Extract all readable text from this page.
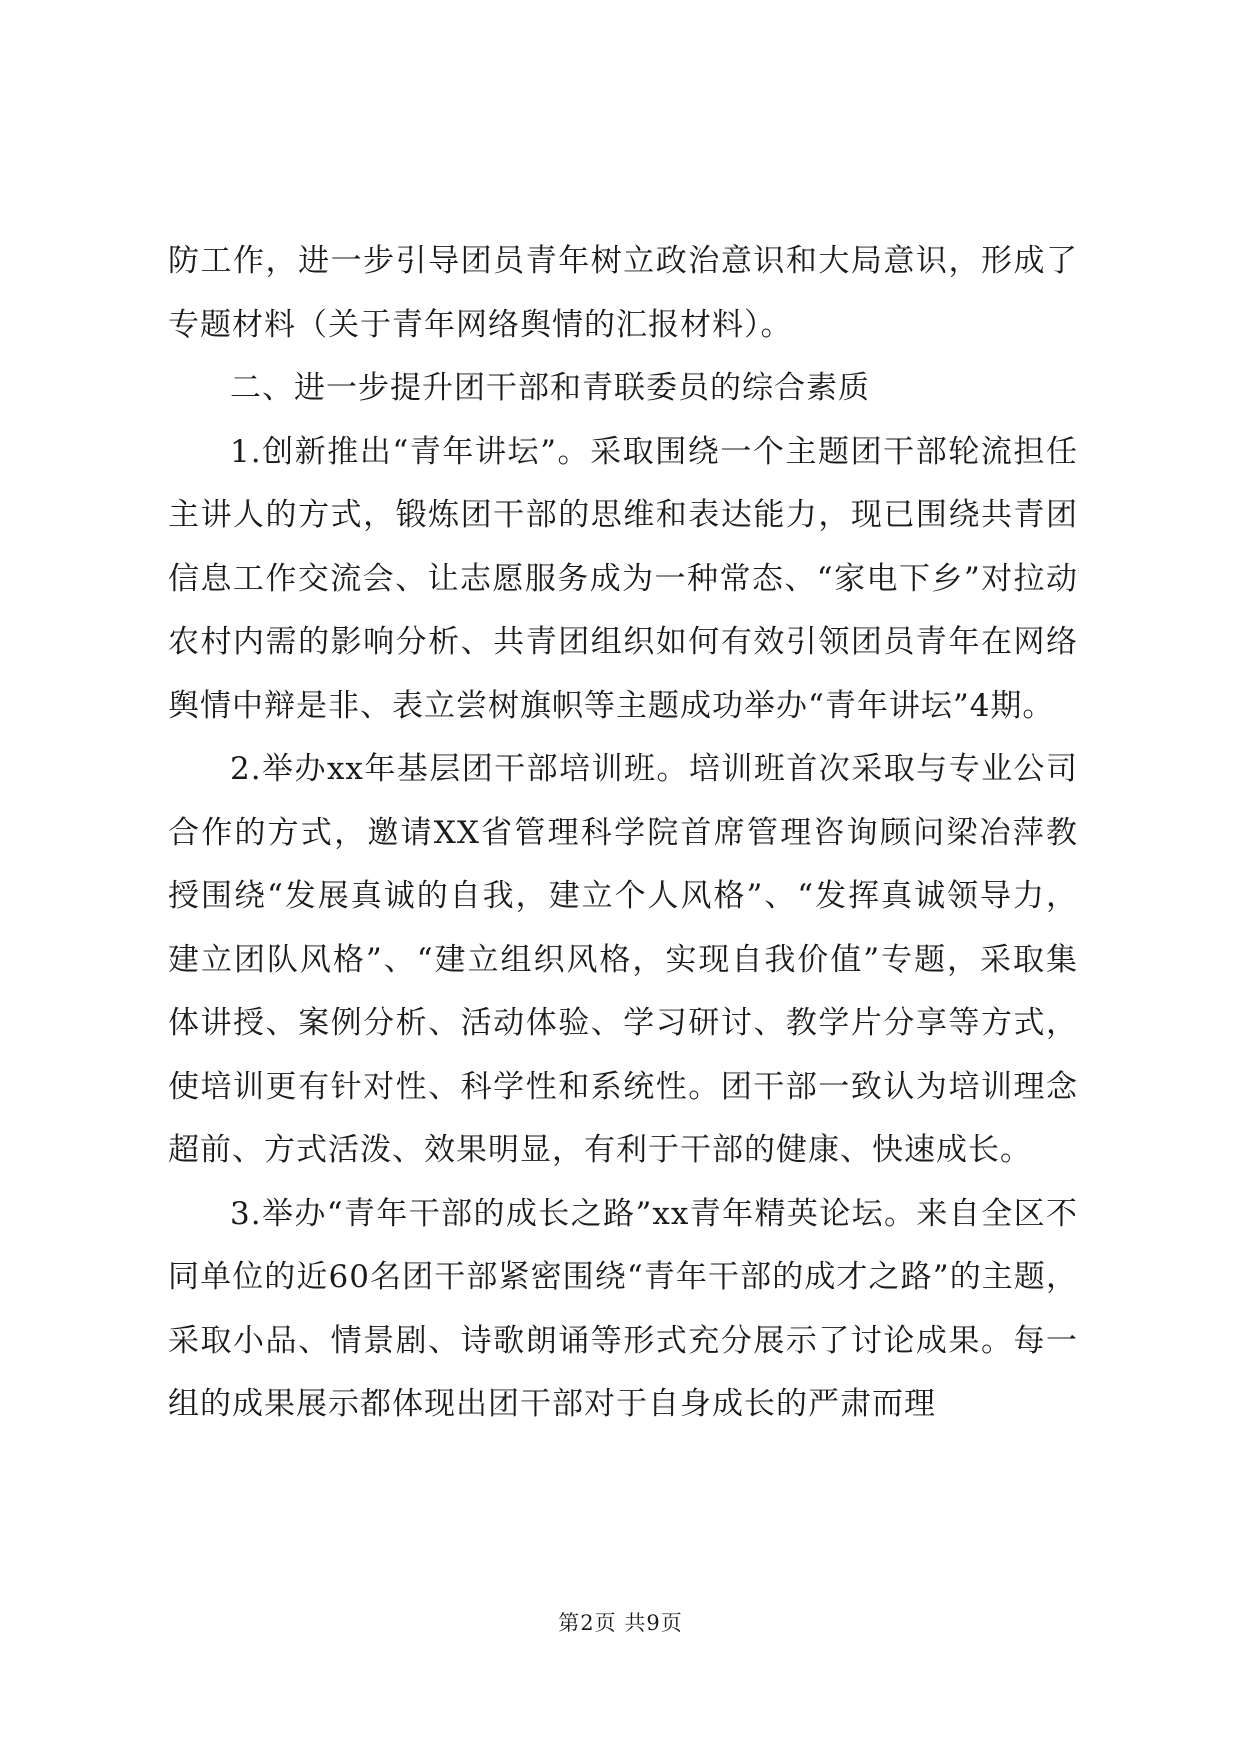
防工作，进一步引导团员青年树立政治意识和大局意识，形成了专题材料（关于青年网络舆情的汇报材料）。

二、进一步提升团干部和青联委员的综合素质

1.创新推出“青年讲坛”。采取围绕一个主题团干部轮流担任主讲人的方式，锻炼团干部的思维和表达能力，现已围绕共青团信息工作交流会、让志愿服务成为一种常态、“家电下乡”对拉动农村内需的影响分析、共青团组织如何有效引领团员青年在网络舆情中辩是非、表立尝树旗帜等主题成功举办“青年讲坛”4期。

2.举办xx年基层团干部培训班。培训班首次采取与专业公司合作的方式，邀请XX省管理科学院首席管理咨询顾问梁冶萍教授围绕“发展真诚的自我，建立个人风格”、“发挥真诚领导力，建立团队风格”、“建立组织风格，实现自我价值”专题，采取集体讲授、案例分析、活动体验、学习研讨、教学片分享等方式，使培训更有针对性、科学性和系统性。团干部一致认为培训理念超前、方式活泼、效果明显，有利于干部的健康、快速成长。

3.举办“青年干部的成长之路”xx青年精英论坛。来自全区不同单位的近60名团干部紧密围绕“青年干部的成才之路”的主题，采取小品、情景剧、诗歌朗诵等形式充分展示了讨论成果。每一组的成果展示都体现出团干部对于自身成长的严肃而理

第2页 共9页
